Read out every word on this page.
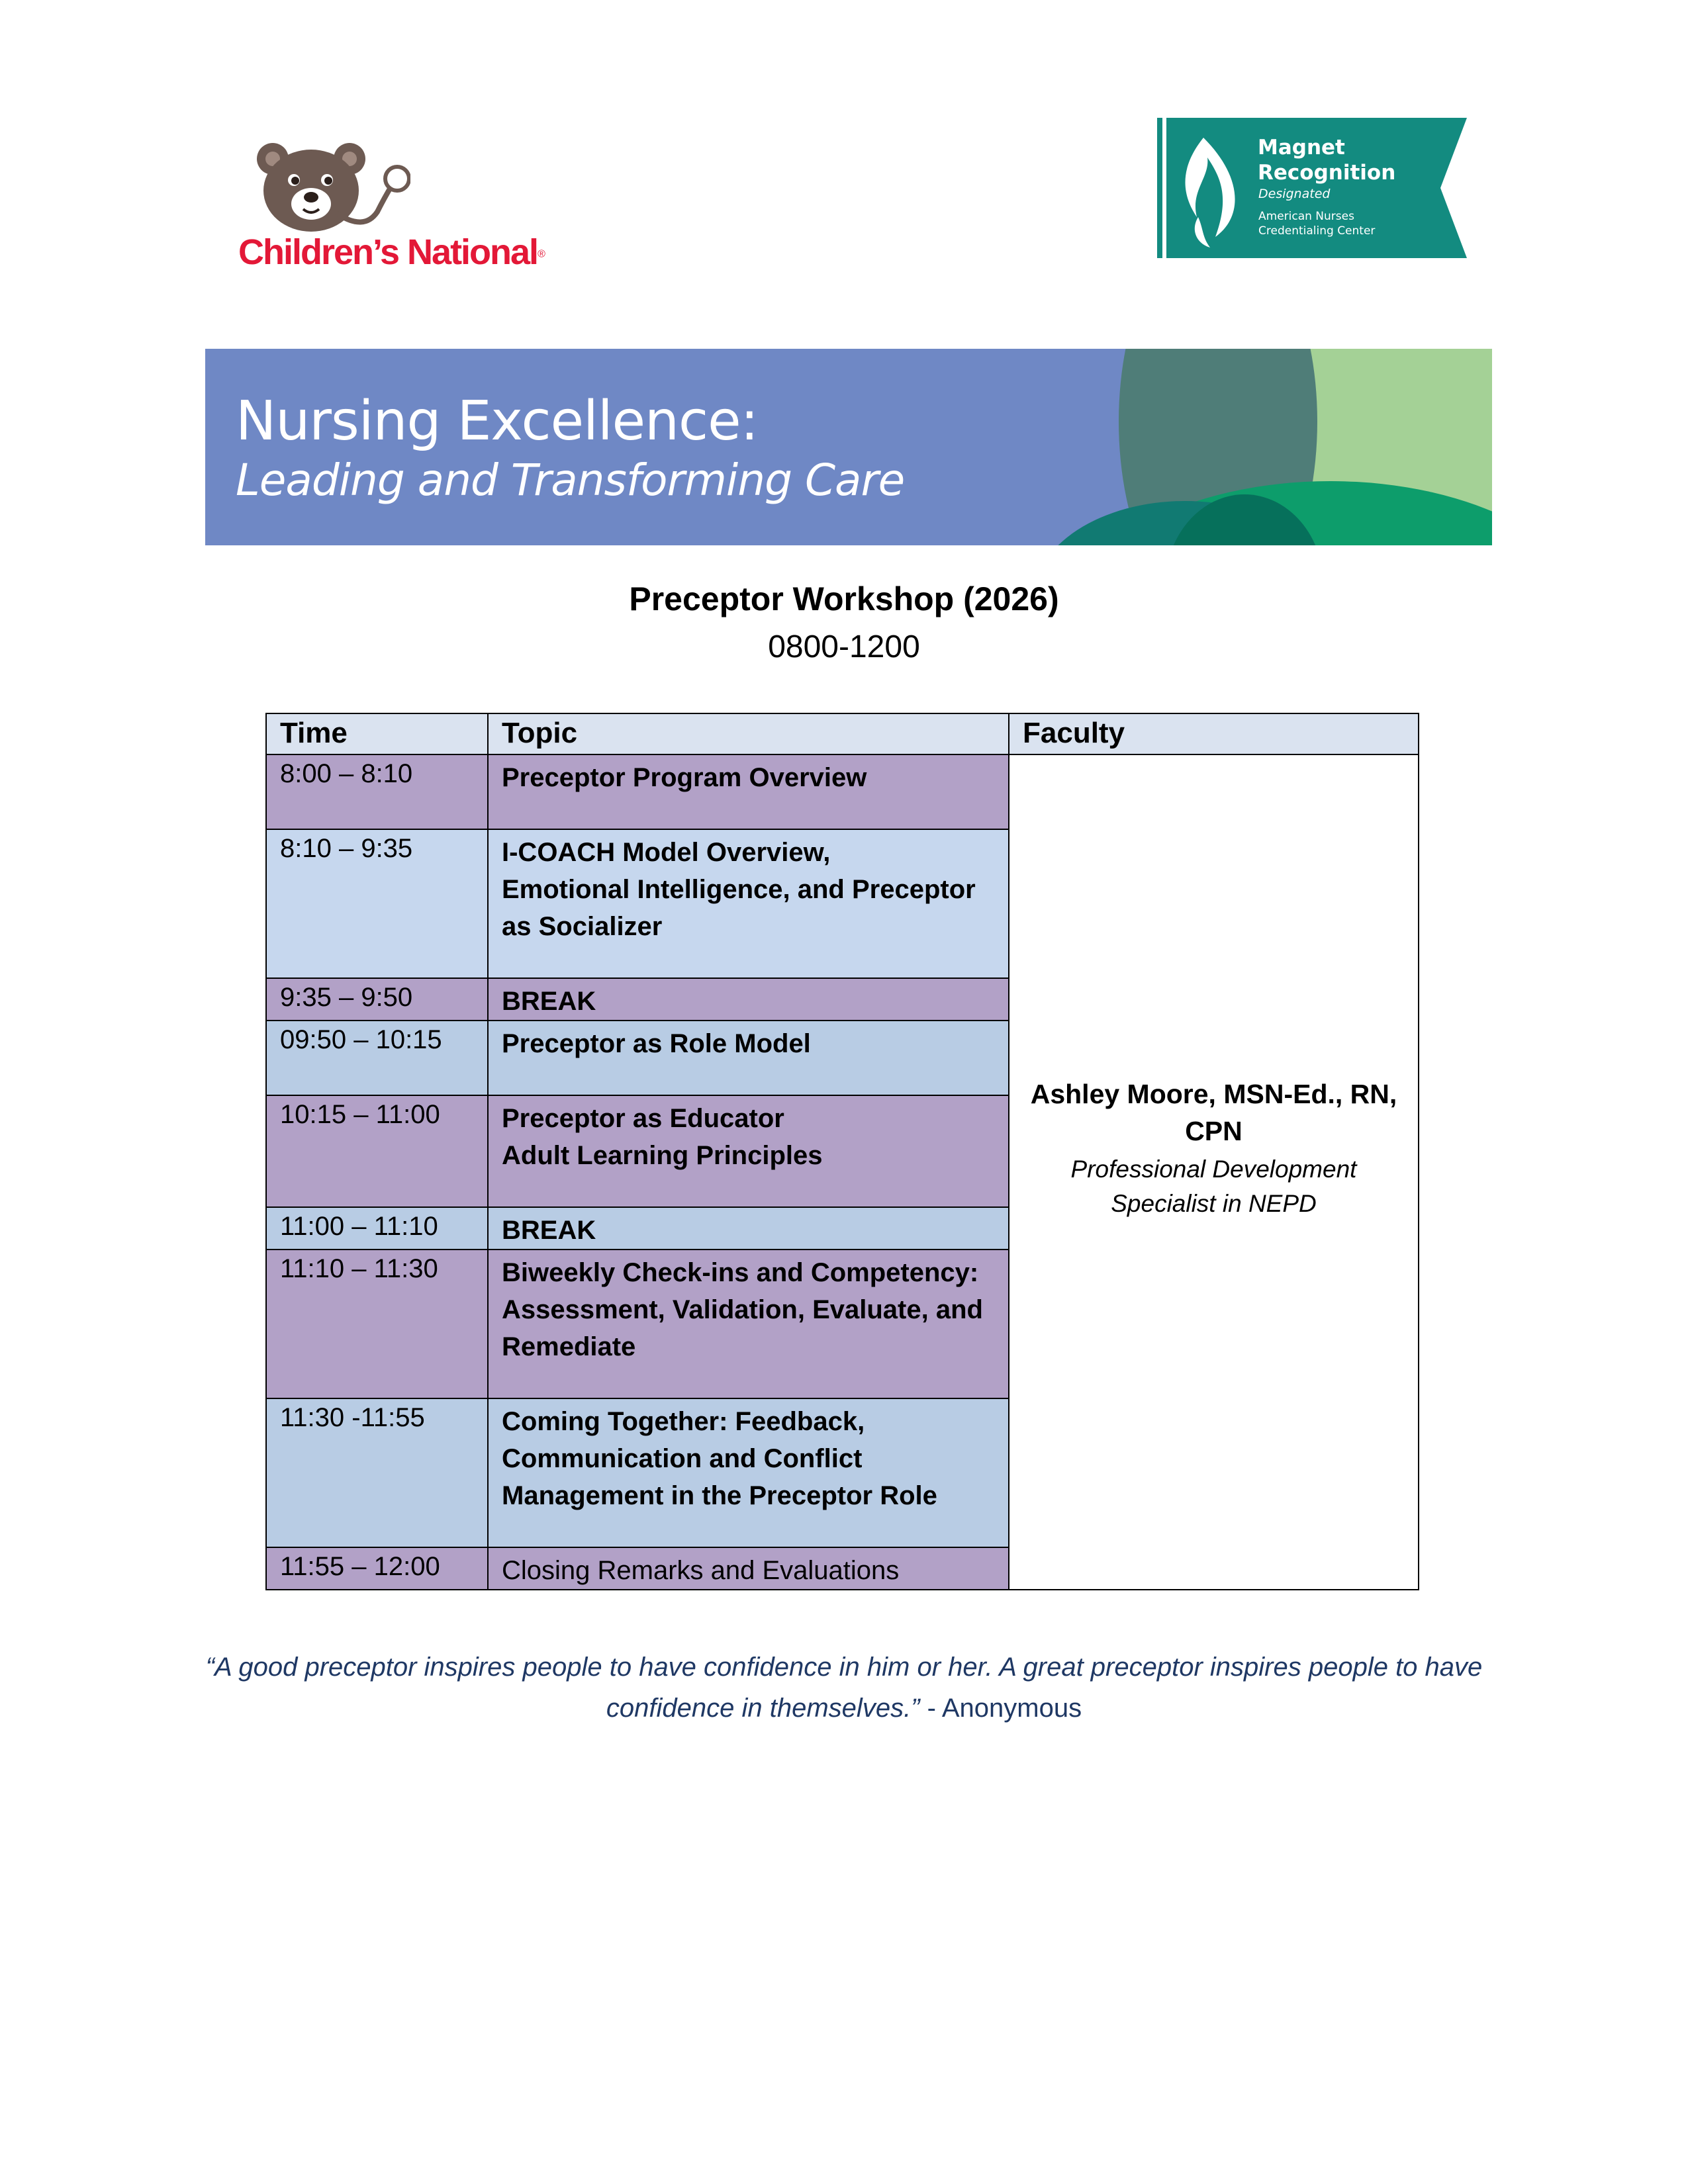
Children’s National®
Magnet
Recognition
Designated
American Nurses
Credentialing Center
Nursing Excellence:
Leading and Transforming Care
Preceptor Workshop (2026)
0800-1200
Time	Topic	Faculty
8:00 – 8:10	Preceptor Program Overview	Ashley Moore, MSN-Ed., RN,
CPN
Professional Development
Specialist in NEPD

8:10 – 9:35	I-COACH Model Overview,
Emotional Intelligence, and Preceptor
as Socializer	

9:35 – 9:50	BREAK	

09:50 – 10:15	Preceptor as Role Model	

10:15 – 11:00	Preceptor as Educator
Adult Learning Principles	

11:00 – 11:10	BREAK	

11:10 – 11:30	Biweekly Check-ins and Competency:
Assessment, Validation, Evaluate, and
Remediate	

11:30 -11:55	Coming Together: Feedback,
Communication and Conflict
Management in the Preceptor Role	

11:55 – 12:00	Closing Remarks and Evaluations	
“A good preceptor inspires people to have confidence in him or her. A great preceptor inspires people to have confidence in themselves.” - Anonymous
